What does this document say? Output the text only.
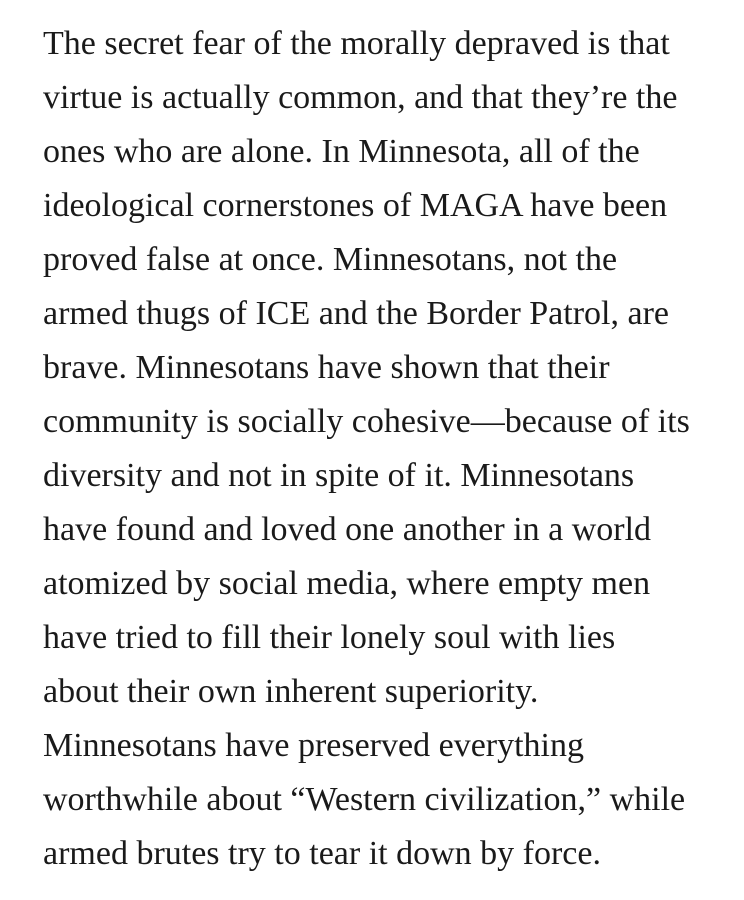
The secret fear of the morally depraved is that
virtue is actually common, and that they’re the
ones who are alone. In Minnesota, all of the
ideological cornerstones of MAGA have been
proved false at once. Minnesotans, not the
armed thugs of ICE and the Border Patrol, are
brave. Minnesotans have shown that their
community is socially cohesive—because of its
diversity and not in spite of it. Minnesotans
have found and loved one another in a world
atomized by social media, where empty men
have tried to fill their lonely soul with lies
about their own inherent superiority.
Minnesotans have preserved everything
worthwhile about “Western civilization,” while
armed brutes try to tear it down by force.
